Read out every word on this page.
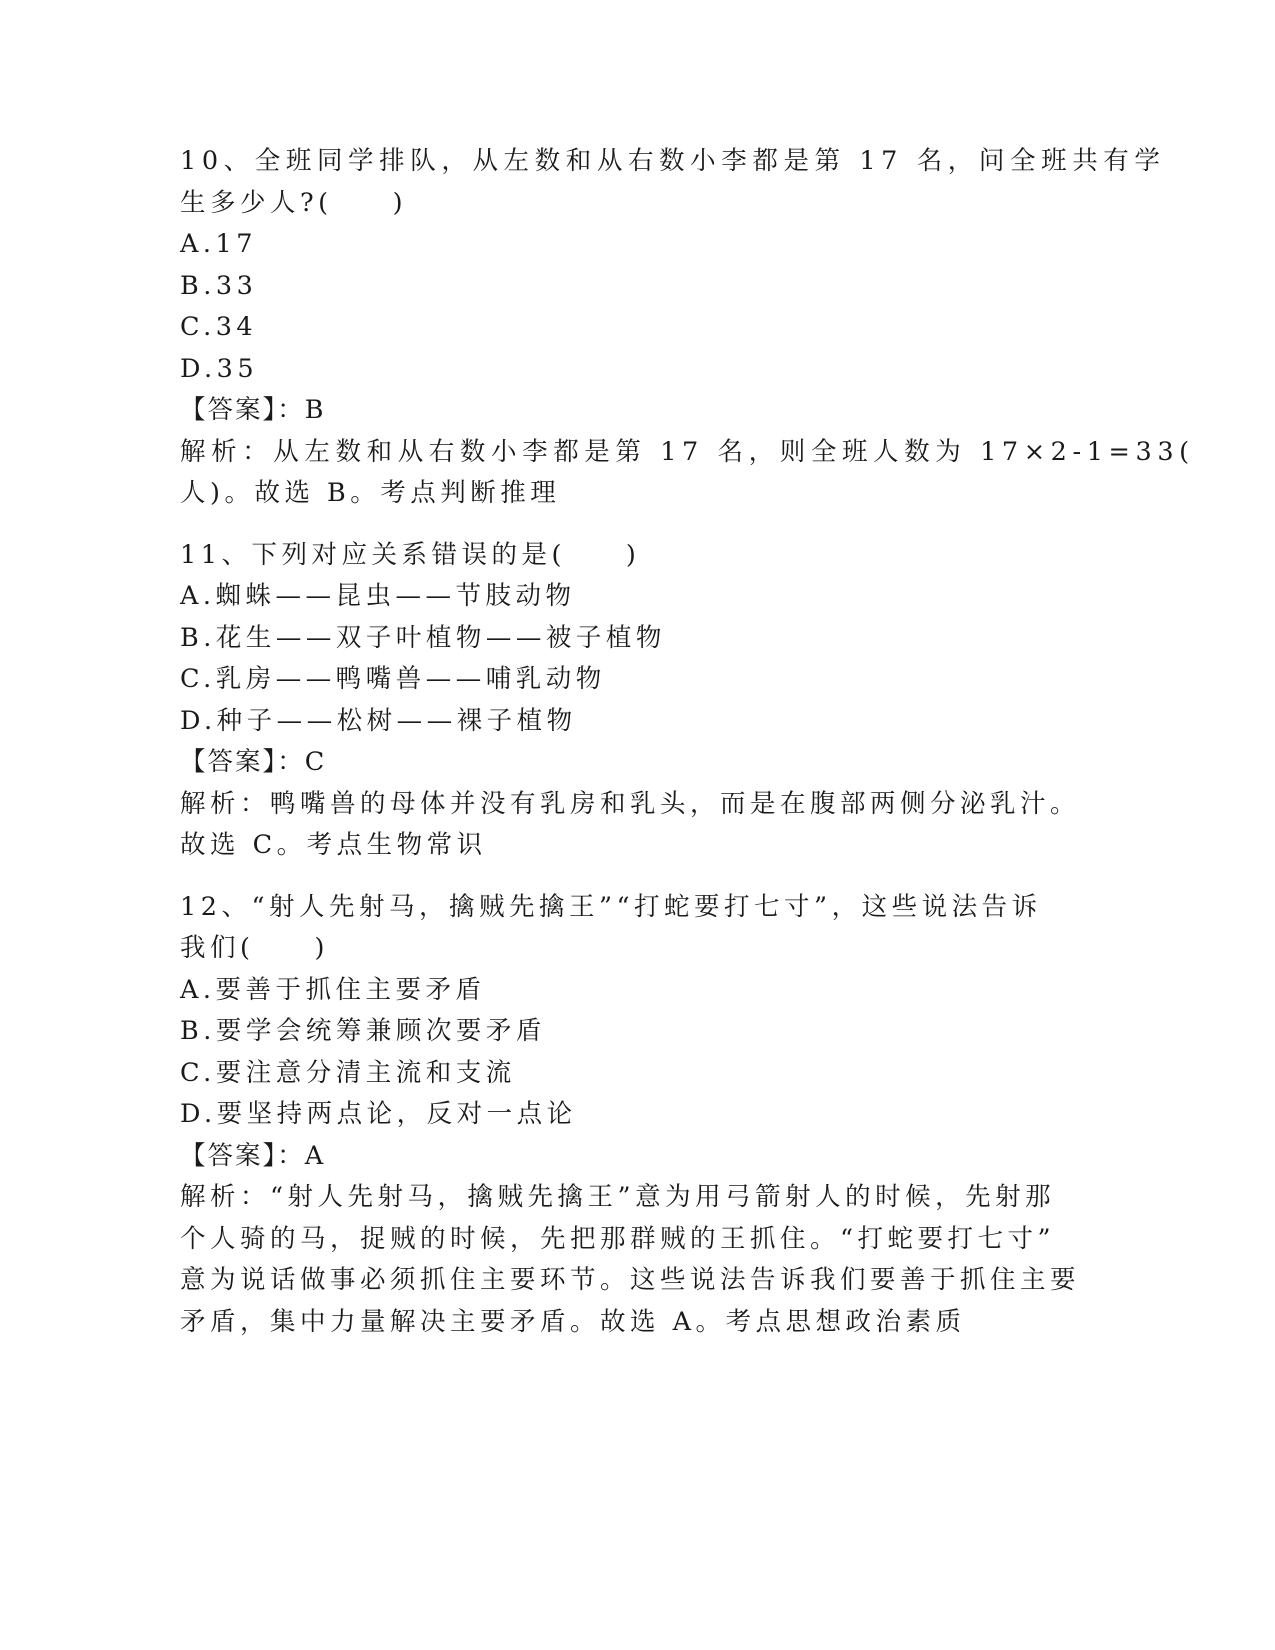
10、全班同学排队，从左数和从右数小李都是第 17 名，问全班共有学
生多少人?(　　)
A.17
B.33
C.34
D.35
【答案】：B
解析：从左数和从右数小李都是第 17 名，则全班人数为 17×2-1=33(
人)。故选 B。考点判断推理
11、下列对应关系错误的是(　　)
A.蜘蛛——昆虫——节肢动物
B.花生——双子叶植物——被子植物
C.乳房——鸭嘴兽——哺乳动物
D.种子——松树——裸子植物
【答案】：C
解析：鸭嘴兽的母体并没有乳房和乳头，而是在腹部两侧分泌乳汁。
故选 C。考点生物常识
12、“射人先射马，擒贼先擒王”“打蛇要打七寸”，这些说法告诉
我们(　　)
A.要善于抓住主要矛盾
B.要学会统筹兼顾次要矛盾
C.要注意分清主流和支流
D.要坚持两点论，反对一点论
【答案】：A
解析：“射人先射马，擒贼先擒王”意为用弓箭射人的时候，先射那
个人骑的马，捉贼的时候，先把那群贼的王抓住。“打蛇要打七寸”
意为说话做事必须抓住主要环节。这些说法告诉我们要善于抓住主要
矛盾，集中力量解决主要矛盾。故选 A。考点思想政治素质
